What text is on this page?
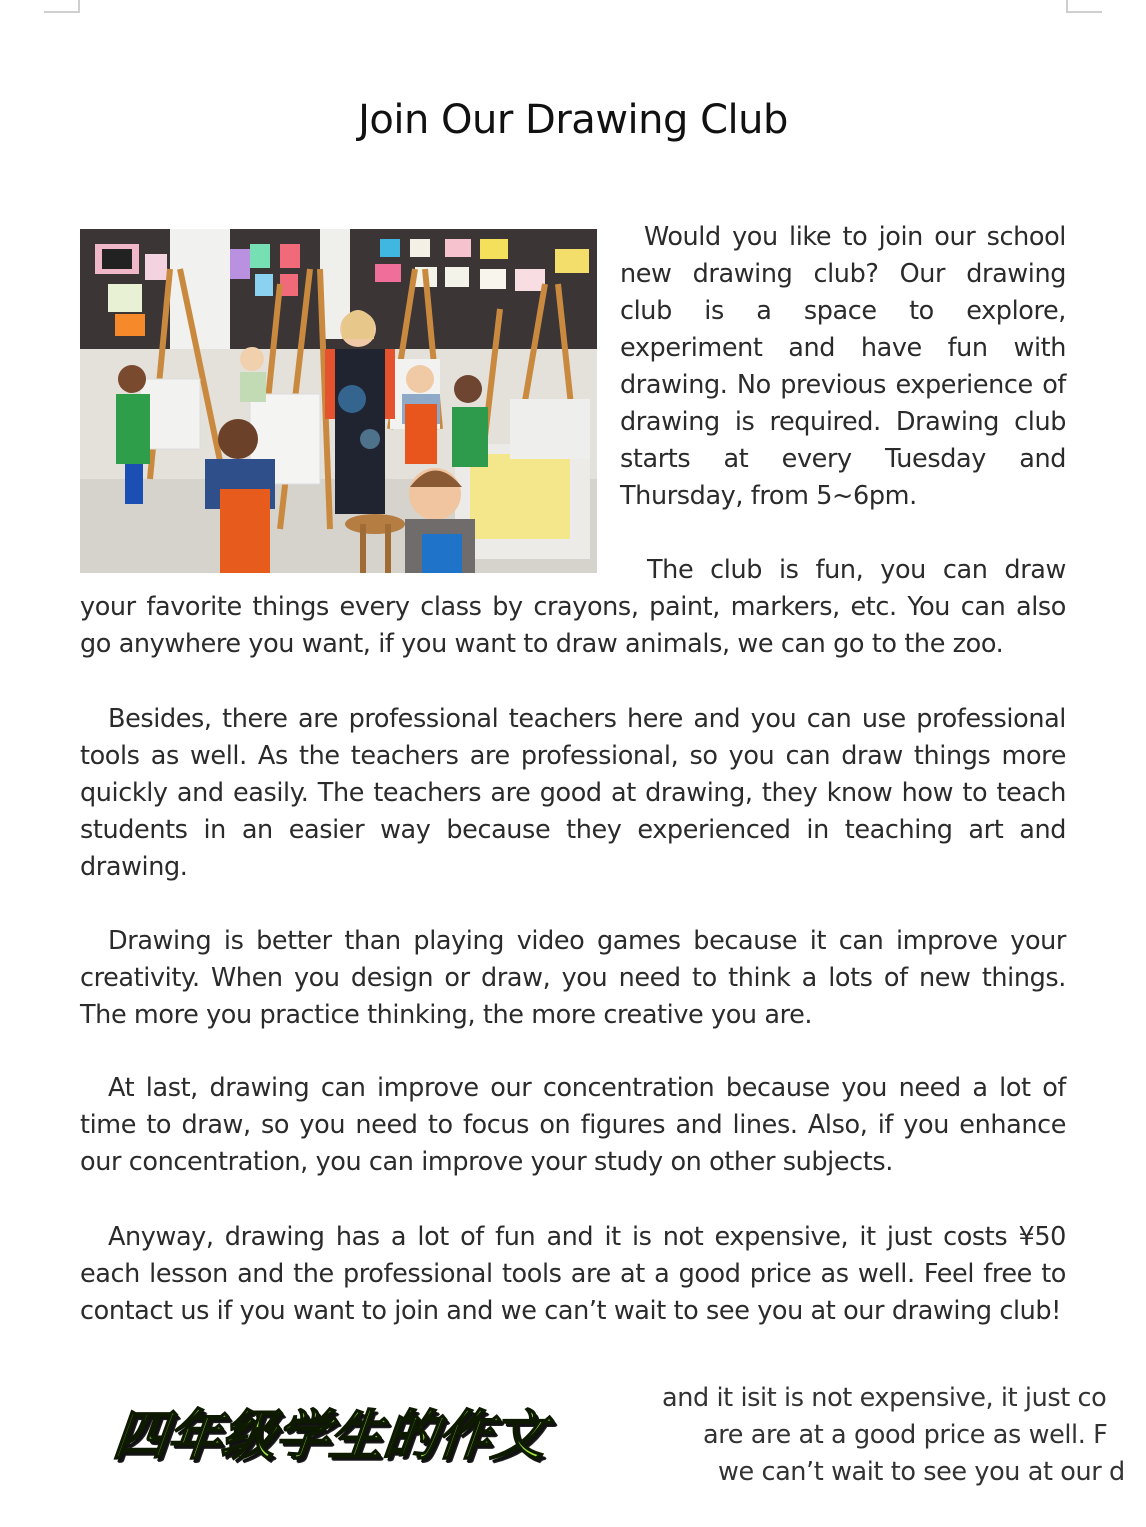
Join Our Drawing Club

Would you like to join our school new drawing club? Our drawing club is a space to explore, experiment and have fun with drawing. No previous experience of drawing is required. Drawing club starts at every Tuesday and Thursday, from 5~6pm.

The club is fun, you can draw your favorite things every class by crayons, paint, markers, etc. You can also go anywhere you want, if you want to draw animals, we can go to the zoo.

Besides, there are professional teachers here and you can use professional tools as well. As the teachers are professional, so you can draw things more quickly and easily. The teachers are good at drawing, they know how to teach students in an easier way because they experienced in teaching art and drawing.

Drawing is better than playing video games because it can improve your creativity. When you design or draw, you need to think a lots of new things. The more you practice thinking, the more creative you are.

At last, drawing can improve our concentration because you need a lot of time to draw, so you need to focus on figures and lines. Also, if you enhance our concentration, you can improve your study on other subjects.

Anyway, drawing has a lot of fun and it is not expensive, it just costs ¥50 each lesson and the professional tools are at a good price as well. Feel free to contact us if you want to join and we can’t wait to see you at our drawing club!

四年级学生的作文
and it isit is not expensive, it just co
are are at a good price as well. F
we can’t wait to see you at our d
